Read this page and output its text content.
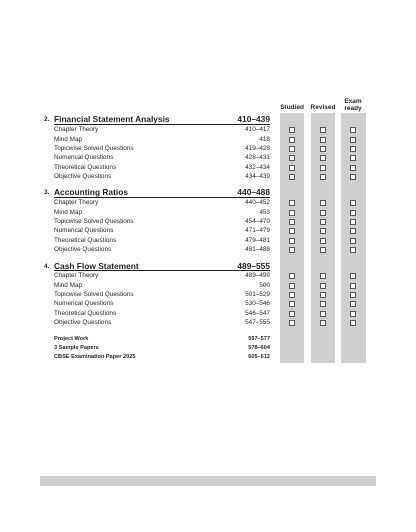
Studied	Revised
Exam
ready
2. Financial Statement Analysis	410–439
Chapter Theory	410–417
Mind Map	418
Topicwise Solved Questions	419–428
Numerical Questions	428–431
Theoretical Questions	432–434
Objective Questions	434–439
3. Accounting Ratios	440–488
Chapter Theory	440–452
Mind Map	453
Topicwise Solved Questions	454–470
Numerical Questions	471–479
Theoretical Questions	479–481
Objective Questions	481–488
4. Cash Flow Statement	489–555
Chapter Theory	489–499
Mind Map	500
Topicwise Solved Questions	501–529
Numerical Questions	530–546
Theoretical Questions	546–547
Objective Questions	547–555
Project Work	557–577
3 Sample Papers	578–604
CBSE Examination Paper 2025	605–612
